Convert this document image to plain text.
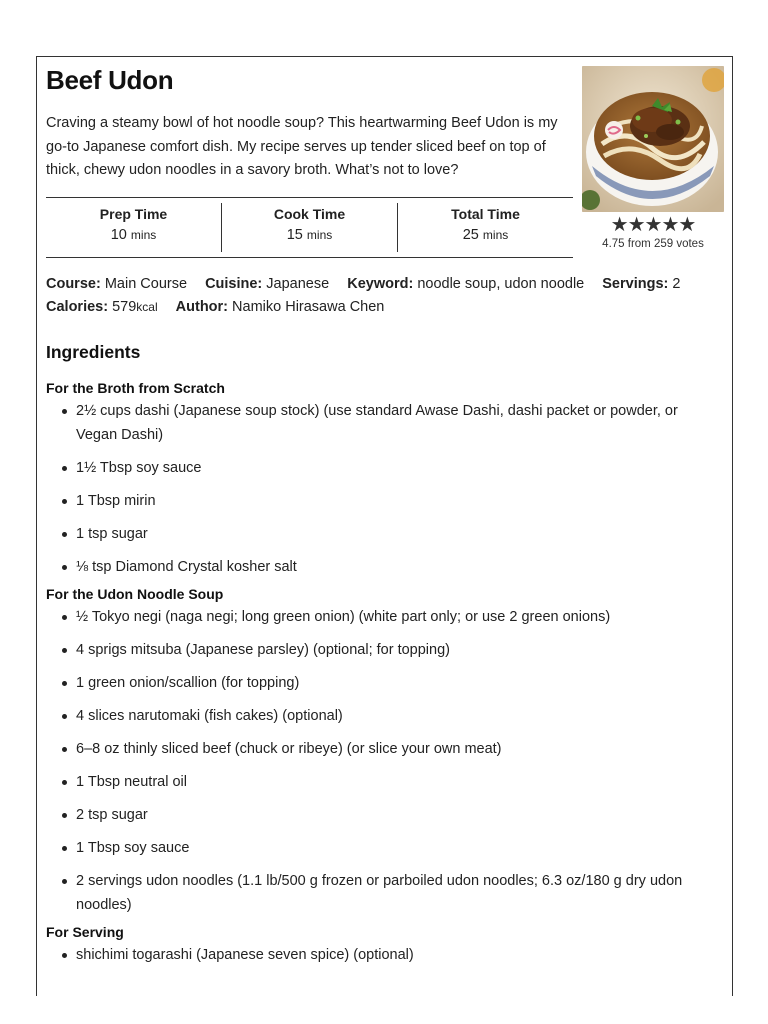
Beef Udon

Craving a steamy bowl of hot noodle soup? This heartwarming Beef Udon is my go-to Japanese comfort dish. My recipe serves up tender sliced beef on top of thick, chewy udon noodles in a savory broth. What’s not to love?

★★★★★
4.75 from 259 votes
Prep Time
10 mins
Cook Time
15 mins
Total Time
25 mins
Course: Main Course Cuisine: Japanese Keyword: noodle soup, udon noodle Servings: 2
Calories: 579kcal Author: Namiko Hirasawa Chen
Ingredients
For the Broth from Scratch
2½ cups dashi (Japanese soup stock) (use standard Awase Dashi, dashi packet or powder, or Vegan Dashi)
1½ Tbsp soy sauce
1 Tbsp mirin
1 tsp sugar
⅛ tsp Diamond Crystal kosher salt
For the Udon Noodle Soup
½ Tokyo negi (naga negi; long green onion) (white part only; or use 2 green onions)
4 sprigs mitsuba (Japanese parsley) (optional; for topping)
1 green onion/scallion (for topping)
4 slices narutomaki (fish cakes) (optional)
6–8 oz thinly sliced beef (chuck or ribeye) (or slice your own meat)
1 Tbsp neutral oil
2 tsp sugar
1 Tbsp soy sauce
2 servings udon noodles (1.1 lb/500 g frozen or parboiled udon noodles; 6.3 oz/180 g dry udon noodles)
For Serving
shichimi togarashi (Japanese seven spice) (optional)
